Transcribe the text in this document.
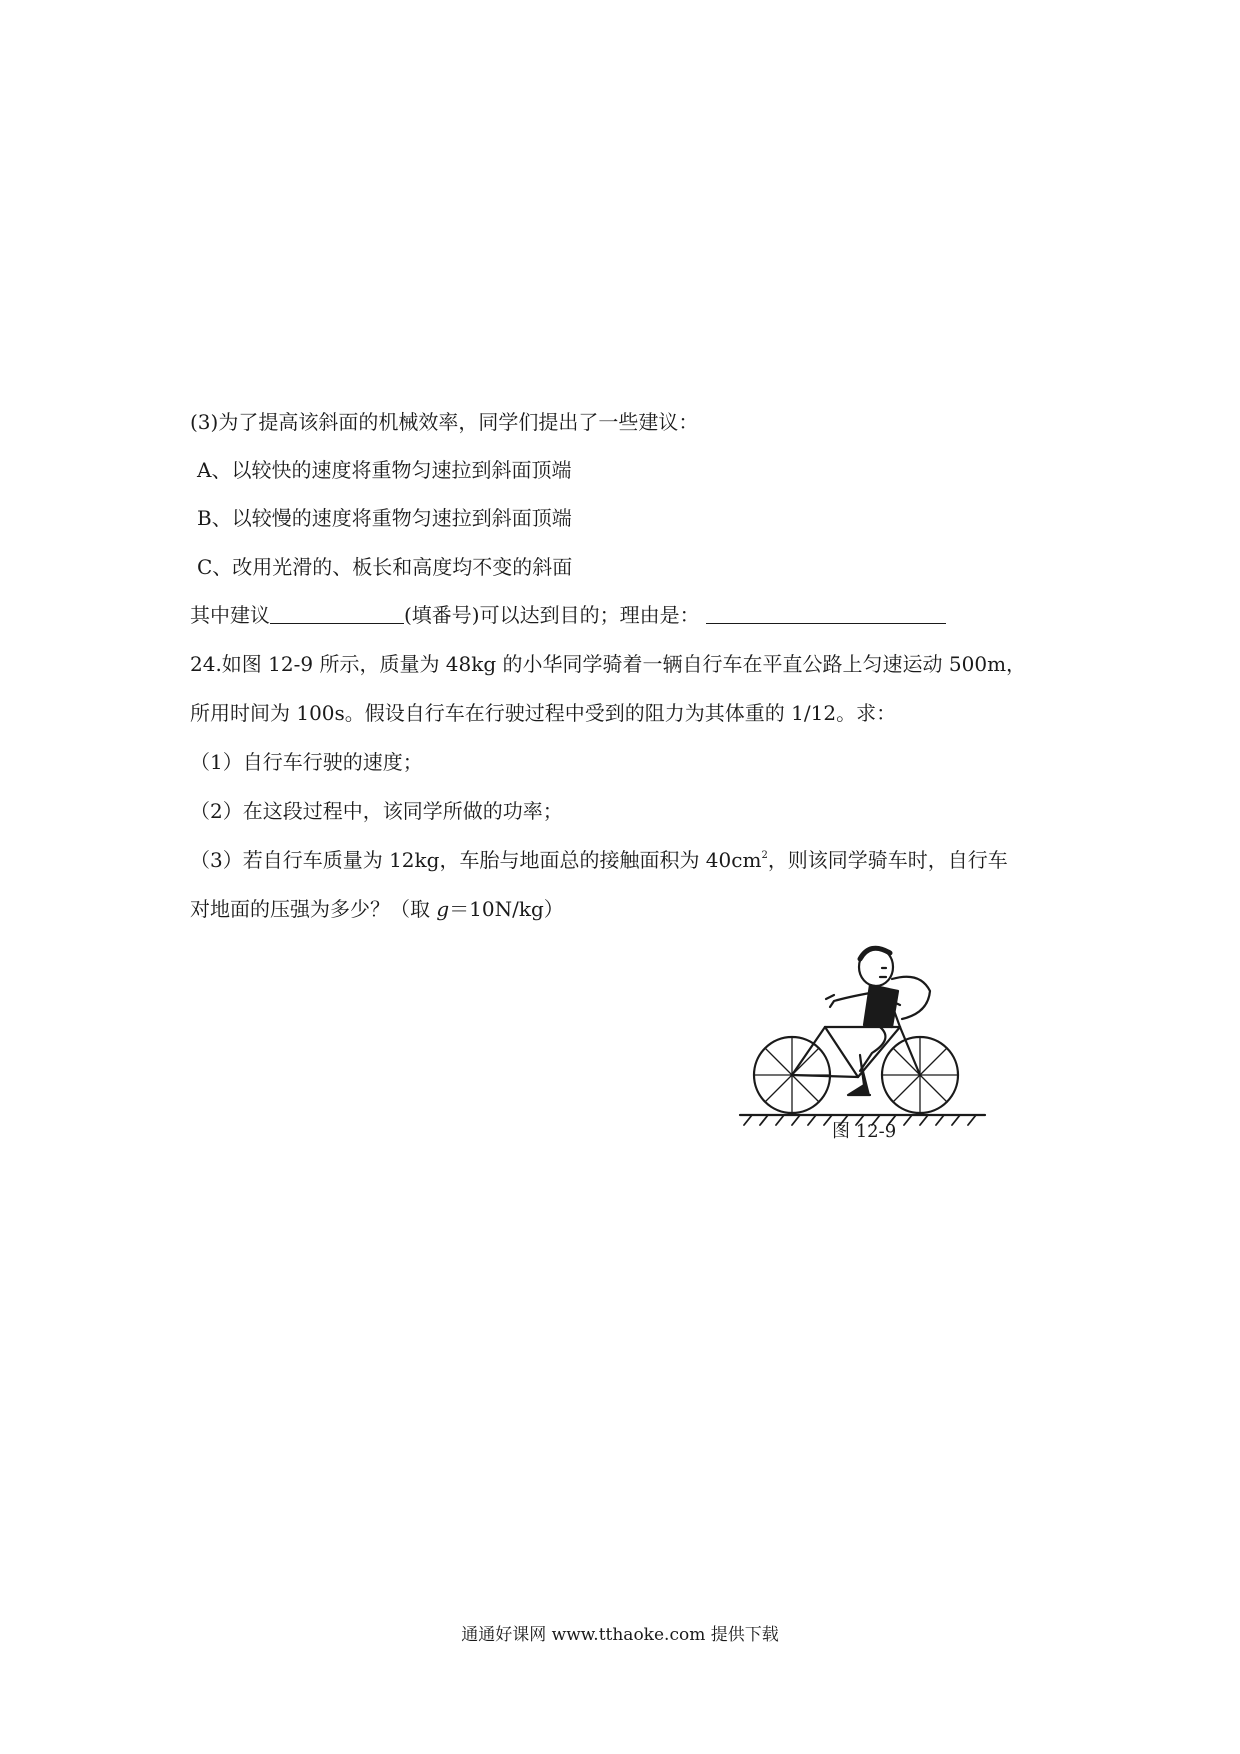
(3)为了提高该斜面的机械效率，同学们提出了一些建议：
A、以较快的速度将重物匀速拉到斜面顶端
B、以较慢的速度将重物匀速拉到斜面顶端
C、改用光滑的、板长和高度均不变的斜面
其中建议	(填番号)可以达到目的；理由是：
24.如图 12-9 所示，质量为 48kg 的小华同学骑着一辆自行车在平直公路上匀速运动 500m，
所用时间为 100s。假设自行车在行驶过程中受到的阻力为其体重的 1/12。求：
（1）自行车行驶的速度；
（2）在这段过程中，该同学所做的功率；
（3）若自行车质量为 12kg，车胎与地面总的接触面积为 $40cm^2$，则该同学骑车时，自行车
对地面的压强为多少？（取 g＝10N/kg）
图 12-9
通通好课网 www.tthaoke.com 提供下载
